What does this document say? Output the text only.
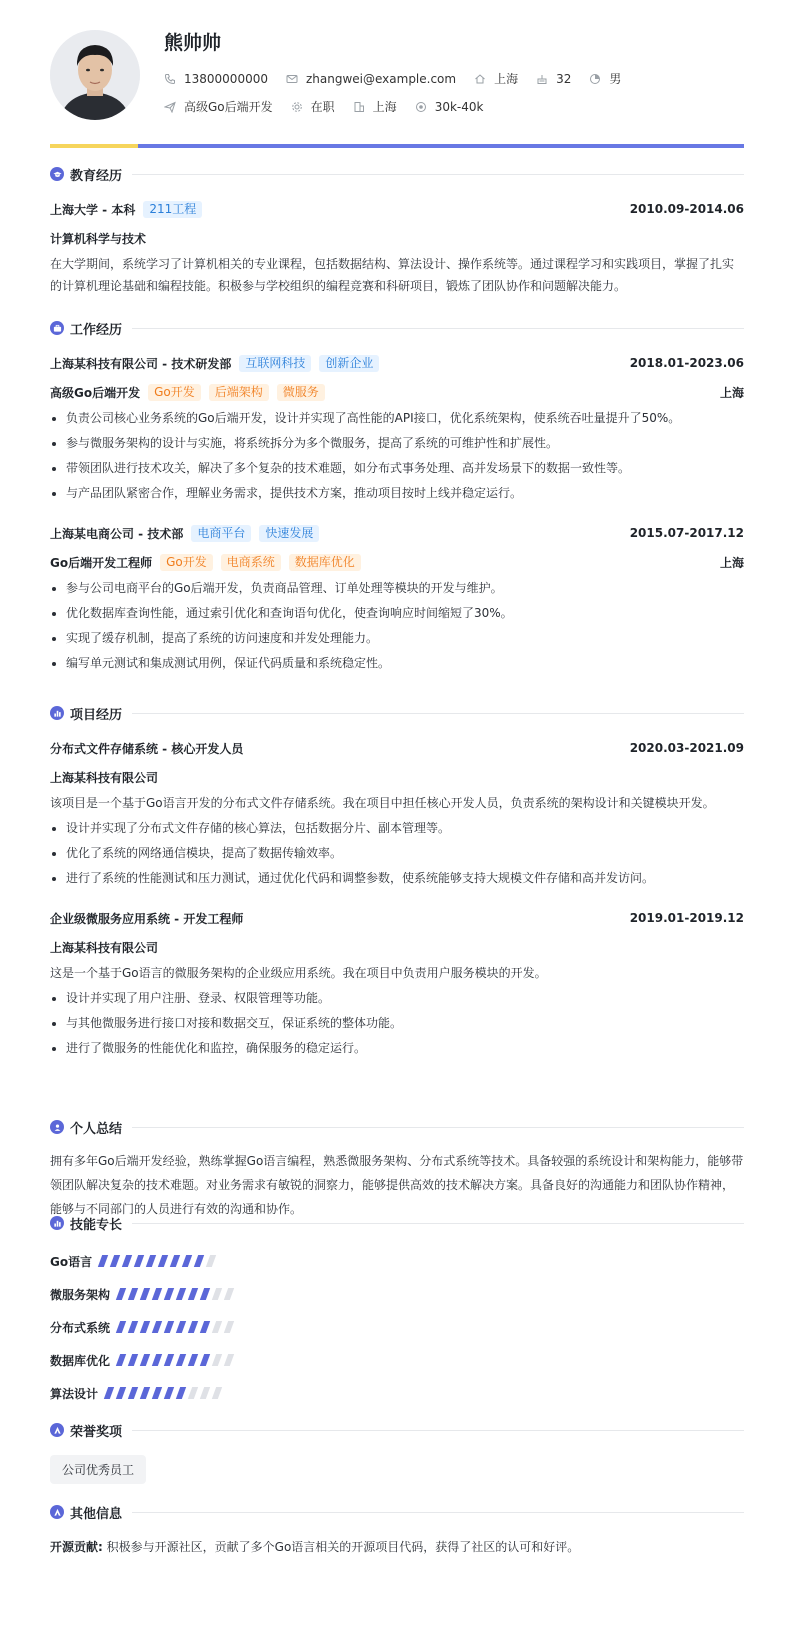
熊帅帅
13800000000	zhangwei@example.com	上海	32	男
高级Go后端开发	在职	上海	30k-40k
教育经历
上海大学 - 本科	211工程	2010.09-2014.06
计算机科学与技术
在大学期间，系统学习了计算机相关的专业课程，包括数据结构、算法设计、操作系统等。通过课程学习和实践项目，掌握了扎实的计算机理论基础和编程技能。积极参与学校组织的编程竞赛和科研项目，锻炼了团队协作和问题解决能力。
工作经历
上海某科技有限公司 - 技术研发部	互联网科技	创新企业	2018.01-2023.06
高级Go后端开发	Go开发	后端架构	微服务	上海
负责公司核心业务系统的Go后端开发，设计并实现了高性能的API接口，优化系统架构，使系统吞吐量提升了50%。
参与微服务架构的设计与实施，将系统拆分为多个微服务，提高了系统的可维护性和扩展性。
带领团队进行技术攻关，解决了多个复杂的技术难题，如分布式事务处理、高并发场景下的数据一致性等。
与产品团队紧密合作，理解业务需求，提供技术方案，推动项目按时上线并稳定运行。
上海某电商公司 - 技术部	电商平台	快速发展	2015.07-2017.12
Go后端开发工程师	Go开发	电商系统	数据库优化	上海
参与公司电商平台的Go后端开发，负责商品管理、订单处理等模块的开发与维护。
优化数据库查询性能，通过索引优化和查询语句优化，使查询响应时间缩短了30%。
实现了缓存机制，提高了系统的访问速度和并发处理能力。
编写单元测试和集成测试用例，保证代码质量和系统稳定性。
项目经历
分布式文件存储系统 - 核心开发人员	2020.03-2021.09
上海某科技有限公司
该项目是一个基于Go语言开发的分布式文件存储系统。我在项目中担任核心开发人员，负责系统的架构设计和关键模块开发。
设计并实现了分布式文件存储的核心算法，包括数据分片、副本管理等。
优化了系统的网络通信模块，提高了数据传输效率。
进行了系统的性能测试和压力测试，通过优化代码和调整参数，使系统能够支持大规模文件存储和高并发访问。
企业级微服务应用系统 - 开发工程师	2019.01-2019.12
上海某科技有限公司
这是一个基于Go语言的微服务架构的企业级应用系统。我在项目中负责用户服务模块的开发。
设计并实现了用户注册、登录、权限管理等功能。
与其他微服务进行接口对接和数据交互，保证系统的整体功能。
进行了微服务的性能优化和监控，确保服务的稳定运行。
个人总结
拥有多年Go后端开发经验，熟练掌握Go语言编程，熟悉微服务架构、分布式系统等技术。具备较强的系统设计和架构能力，能够带领团队解决复杂的技术难题。对业务需求有敏锐的洞察力，能够提供高效的技术解决方案。具备良好的沟通能力和团队协作精神，能够与不同部门的人员进行有效的沟通和协作。
技能专长
Go语言
微服务架构
分布式系统
数据库优化
算法设计
荣誉奖项
公司优秀员工
其他信息
开源贡献: 积极参与开源社区，贡献了多个Go语言相关的开源项目代码，获得了社区的认可和好评。
